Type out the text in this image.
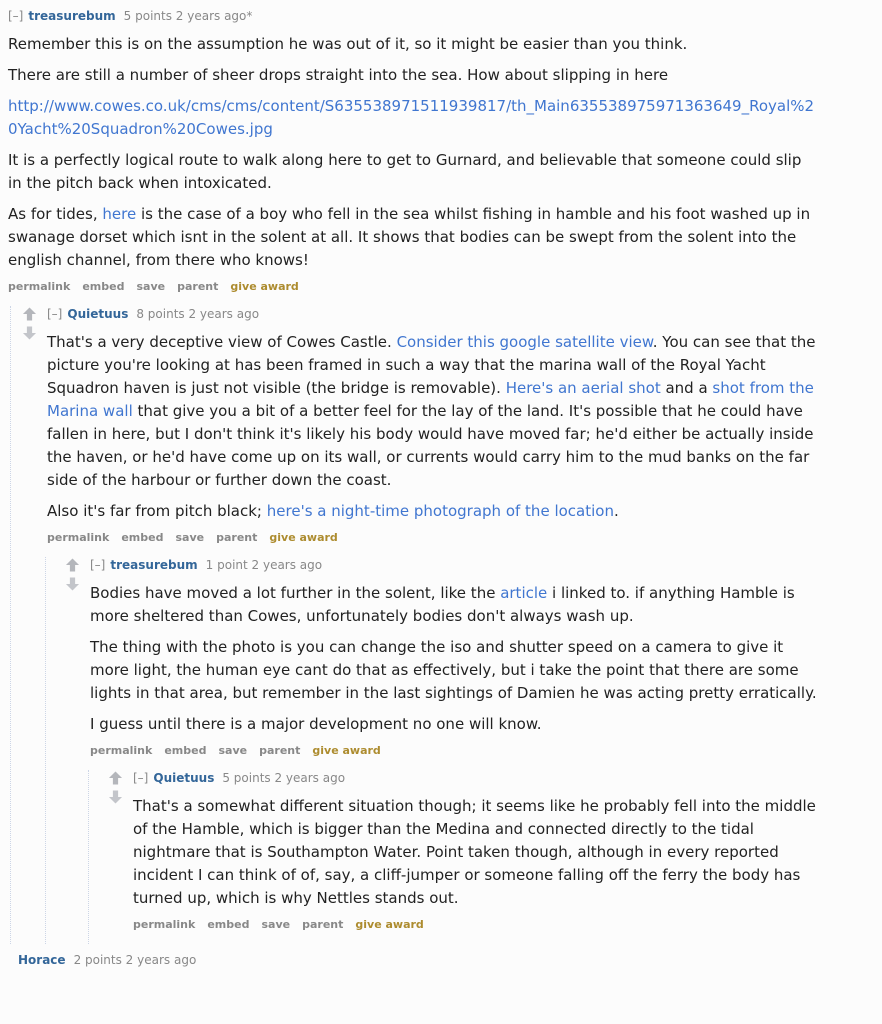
[–] treasurebum 5 points 2 years ago*

Remember this is on the assumption he was out of it, so it might be easier than you think.

There are still a number of sheer drops straight into the sea. How about slipping in here

http://www.cowes.co.uk/cms/cms/content/S635538971511939817/th_Main635538975971363649_Royal%20Yacht%20Squadron%20Cowes.jpg

It is a perfectly logical route to walk along here to get to Gurnard, and believable that someone could slip in the pitch back when intoxicated.

As for tides, here is the case of a boy who fell in the sea whilst fishing in hamble and his foot washed up in swanage dorset which isnt in the solent at all. It shows that bodies can be swept from the solent into the english channel, from there who knows!

permalink embed save parent give award
[–] Quietuus 8 points 2 years ago

That's a very deceptive view of Cowes Castle. Consider this google satellite view. You can see that the picture you're looking at has been framed in such a way that the marina wall of the Royal Yacht Squadron haven is just not visible (the bridge is removable). Here's an aerial shot and a shot from the Marina wall that give you a bit of a better feel for the lay of the land. It's possible that he could have fallen in here, but I don't think it's likely his body would have moved far; he'd either be actually inside the haven, or he'd have come up on its wall, or currents would carry him to the mud banks on the far side of the harbour or further down the coast.

Also it's far from pitch black; here's a night-time photograph of the location.

permalink embed save parent give award
[–] treasurebum 1 point 2 years ago

Bodies have moved a lot further in the solent, like the article i linked to. if anything Hamble is more sheltered than Cowes, unfortunately bodies don't always wash up.

The thing with the photo is you can change the iso and shutter speed on a camera to give it more light, the human eye cant do that as effectively, but i take the point that there are some lights in that area, but remember in the last sightings of Damien he was acting pretty erratically.

I guess until there is a major development no one will know.

permalink embed save parent give award
[–] Quietuus 5 points 2 years ago

That's a somewhat different situation though; it seems like he probably fell into the middle of the Hamble, which is bigger than the Medina and connected directly to the tidal nightmare that is Southampton Water. Point taken though, although in every reported incident I can think of of, say, a cliff-jumper or someone falling off the ferry the body has turned up, which is why Nettles stands out.

permalink embed save parent give award
Horace 2 points 2 years ago
